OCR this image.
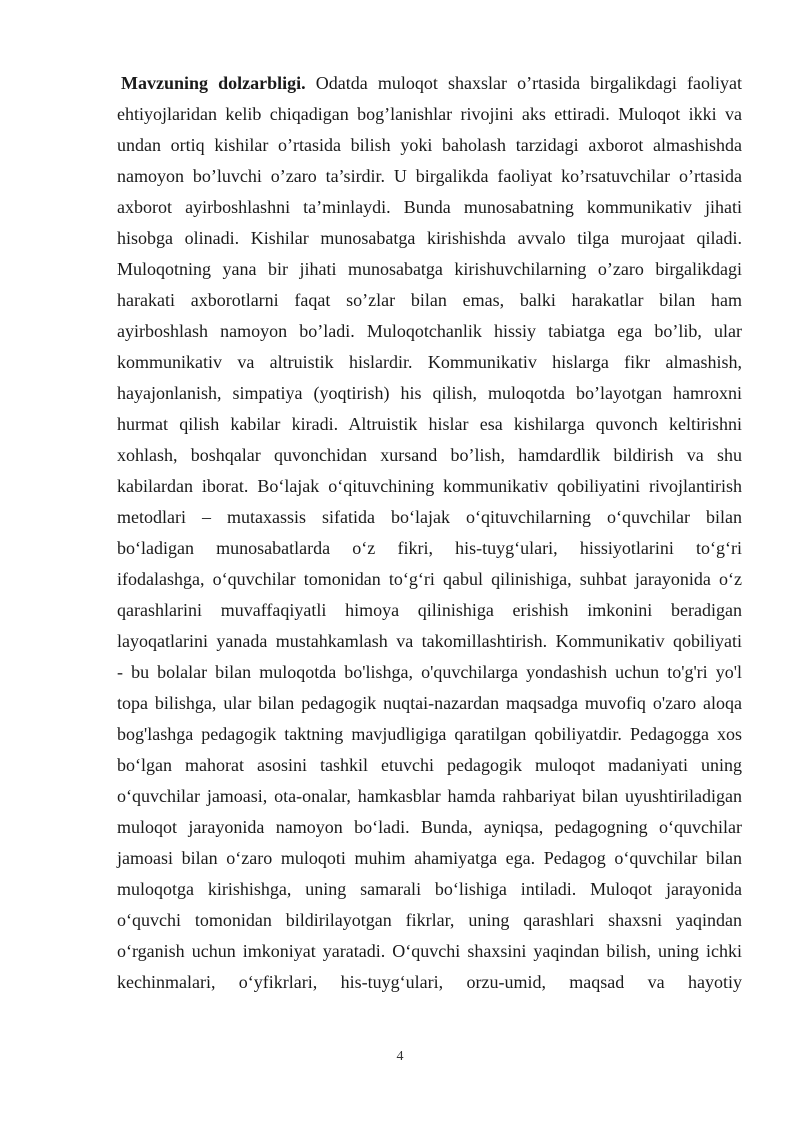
Mavzuning dolzarbligi. Odatda muloqot shaxslar o’rtasida birgalikdagi faoliyat
ehtiyojlaridan kelib chiqadigan bog’lanishlar rivojini aks ettiradi. Muloqot ikki va
undan ortiq kishilar o’rtasida bilish yoki baholash tarzidagi axborot almashishda
namoyon bo’luvchi o’zaro ta’sirdir. U birgalikda faoliyat ko’rsatuvchilar o’rtasida
axborot ayirboshlashni ta’minlaydi. Bunda munosabatning kommunikativ jihati
hisobga olinadi. Kishilar munosabatga kirishishda avvalo tilga murojaat qiladi.
Muloqotning yana bir jihati munosabatga kirishuvchilarning o’zaro birgalikdagi
harakati axborotlarni faqat so’zlar bilan emas, balki harakatlar bilan ham
ayirboshlash namoyon bo’ladi. Muloqotchanlik hissiy tabiatga ega bo’lib, ular
kommunikativ va altruistik hislardir. Kommunikativ hislarga fikr almashish,
hayajonlanish, simpatiya (yoqtirish) his qilish, muloqotda bo’layotgan hamroxni
hurmat qilish kabilar kiradi. Altruistik hislar esa kishilarga quvonch keltirishni
xohlash, boshqalar quvonchidan xursand bo’lish, hamdardlik bildirish va shu
kabilardan iborat. Bo‘lajak o‘qituvchining kommunikativ qobiliyatini rivojlantirish
metodlari – mutaxassis sifatida bo‘lajak o‘qituvchilarning o‘quvchilar bilan
bo‘ladigan munosabatlarda o‘z fikri, his-tuyg‘ulari, hissiyotlarini to‘g‘ri
ifodalashga, o‘quvchilar tomonidan to‘g‘ri qabul qilinishiga, suhbat jarayonida o‘z
qarashlarini muvaffaqiyatli himoya qilinishiga erishish imkonini beradigan
layoqatlarini yanada mustahkamlash va takomillashtirish. Kommunikativ qobiliyati
- bu bolalar bilan muloqotda bo'lishga, o'quvchilarga yondashish uchun to'g'ri yo'l
topa bilishga, ular bilan pedagogik nuqtai-nazardan maqsadga muvofiq o'zaro aloqa
bog'lashga pedagogik taktning mavjudligiga qaratilgan qobiliyatdir. Pedagogga xos
bo‘lgan mahorat asosini tashkil etuvchi pedagogik muloqot madaniyati uning
o‘quvchilar jamoasi, ota-onalar, hamkasblar hamda rahbariyat bilan uyushtiriladigan
muloqot jarayonida namoyon bo‘ladi. Bunda, ayniqsa, pedagogning o‘quvchilar
jamoasi bilan o‘zaro muloqoti muhim ahamiyatga ega. Pedagog o‘quvchilar bilan
muloqotga kirishishga, uning samarali bo‘lishiga intiladi. Muloqot jarayonida
o‘quvchi tomonidan bildirilayotgan fikrlar, uning qarashlari shaxsni yaqindan
o‘rganish uchun imkoniyat yaratadi. O‘quvchi shaxsini yaqindan bilish, uning ichki
kechinmalari, o‘yfikrlari, his-tuyg‘ulari, orzu-umid, maqsad va hayotiy
4
